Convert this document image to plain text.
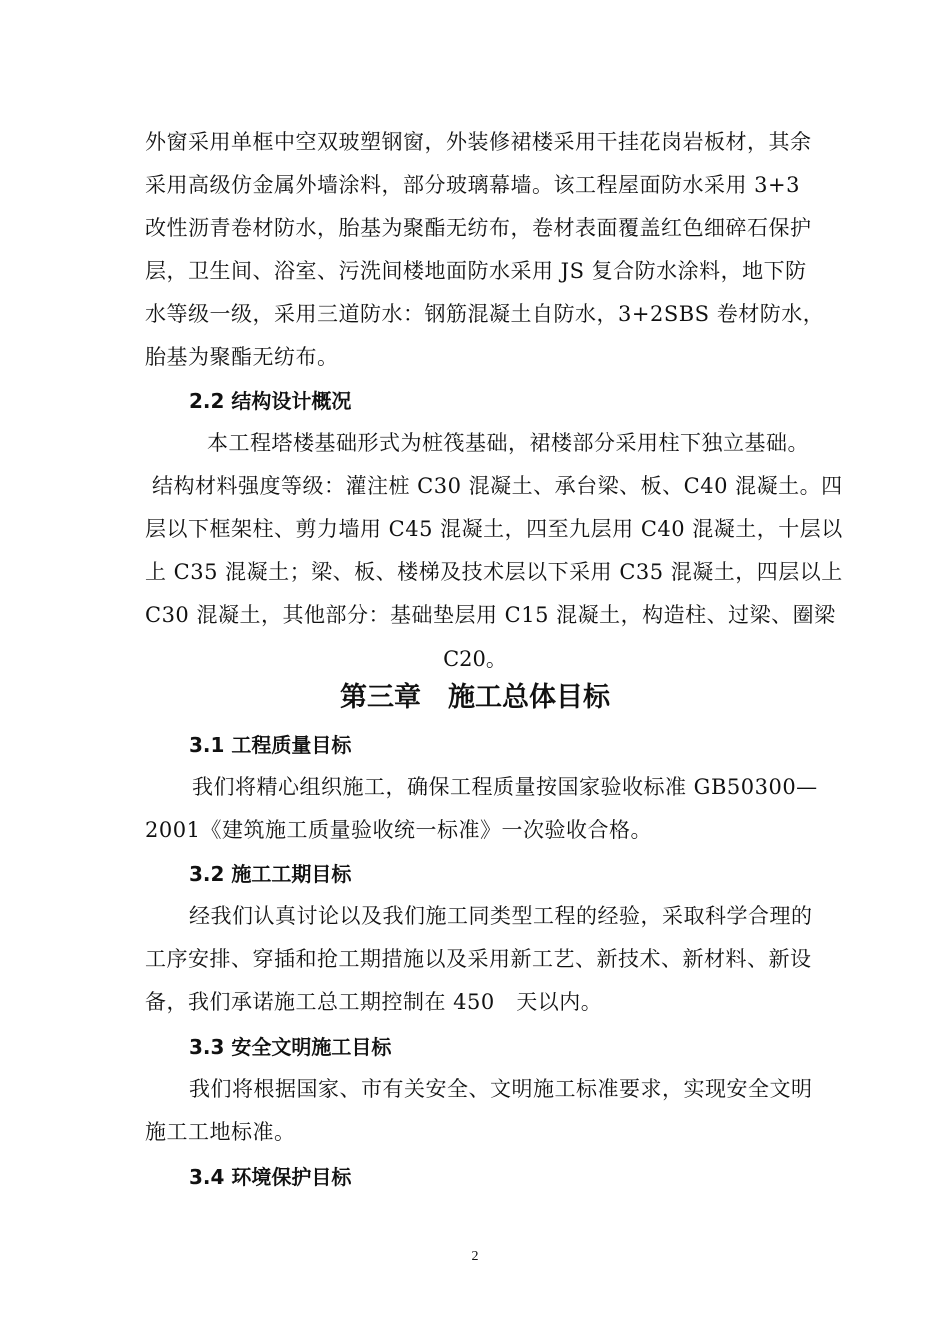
外窗采用单框中空双玻塑钢窗，外装修裙楼采用干挂花岗岩板材，其余
采用高级仿金属外墙涂料，部分玻璃幕墙。该工程屋面防水采用 3+3
改性沥青卷材防水，胎基为聚酯无纺布，卷材表面覆盖红色细碎石保护
层，卫生间、浴室、污洗间楼地面防水采用 JS 复合防水涂料，地下防
水等级一级，采用三道防水：钢筋混凝土自防水，3+2SBS 卷材防水，
胎基为聚酯无纺布。
2.2 结构设计概况
本工程塔楼基础形式为桩筏基础，裙楼部分采用柱下独立基础。
结构材料强度等级：灌注桩 C30 混凝土、承台梁、板、C40 混凝土。四
层以下框架柱、剪力墙用 C45 混凝土，四至九层用 C40 混凝土，十层以
上 C35 混凝土；梁、板、楼梯及技术层以下采用 C35 混凝土，四层以上
C30 混凝土，其他部分：基础垫层用 C15 混凝土，构造柱、过梁、圈梁
C20。
第三章　施工总体目标
3.1 工程质量目标
我们将精心组织施工，确保工程质量按国家验收标准 GB50300—
2001《建筑施工质量验收统一标准》一次验收合格。
3.2 施工工期目标
经我们认真讨论以及我们施工同类型工程的经验，采取科学合理的
工序安排、穿插和抢工期措施以及采用新工艺、新技术、新材料、新设
备，我们承诺施工总工期控制在 450　天以内。
3.3 安全文明施工目标
我们将根据国家、市有关安全、文明施工标准要求，实现安全文明
施工工地标准。
3.4 环境保护目标
2
